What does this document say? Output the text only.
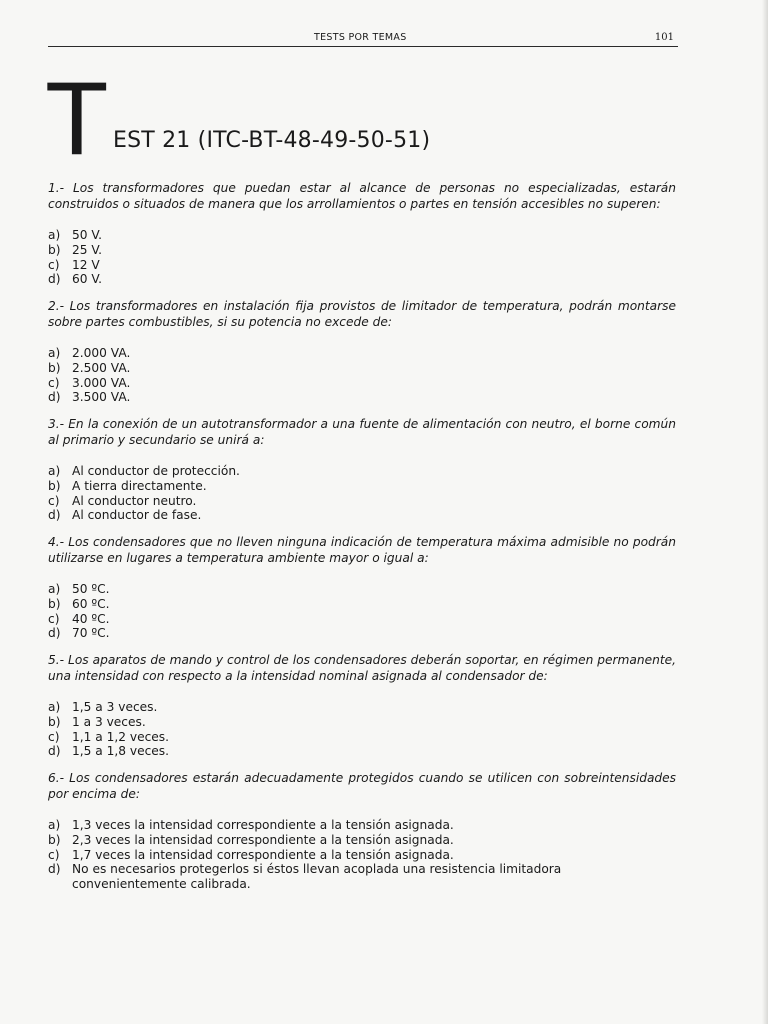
TESTS POR TEMAS	101
T EST 21 (ITC-BT-48-49-50-51)

1.- Los transformadores que puedan estar al alcance de personas no especializadas, estarán construidos o situados de manera que los arrollamientos o partes en tensión accesibles no superen:

a) 50 V.
b) 25 V.
c)	12 V
d) 60 V.

2.- Los transformadores en instalación fija provistos de limitador de temperatura, podrán montarse sobre partes combustibles, si su potencia no excede de:

a) 2.000 VA.
b) 2.500 VA.
c)	3.000 VA.
d) 3.500 VA.

3.- En la conexión de un autotransformador a una fuente de alimentación con neutro, el borne común al primario y secundario se unirá a:

a) Al conductor de protección.
b) A tierra directamente.
c)	Al conductor neutro.
d) Al conductor de fase.

4.- Los condensadores que no lleven ninguna indicación de temperatura máxima admisible no podrán utilizarse en lugares a temperatura ambiente mayor o igual a:

a) 50 ºC.
b) 60 ºC.
c)	40 ºC.
d) 70 ºC.

5.- Los aparatos de mando y control de los condensadores deberán soportar, en régimen permanente, una intensidad con respecto a la intensidad nominal asignada al condensador de:

a) 1,5 a 3 veces.
b) 1 a 3 veces.
c)	1,1 a 1,2 veces.
d) 1,5 a 1,8 veces.

6.- Los condensadores estarán adecuadamente protegidos cuando se utilicen con sobreintensidades por encima de:

a) 1,3 veces la intensidad correspondiente a la tensión asignada.
b) 2,3 veces la intensidad correspondiente a la tensión asignada.
c)	1,7 veces la intensidad correspondiente a la tensión asignada.
d) No es necesarios protegerlos si éstos llevan acoplada una resistencia limitadora convenientemente calibrada.
